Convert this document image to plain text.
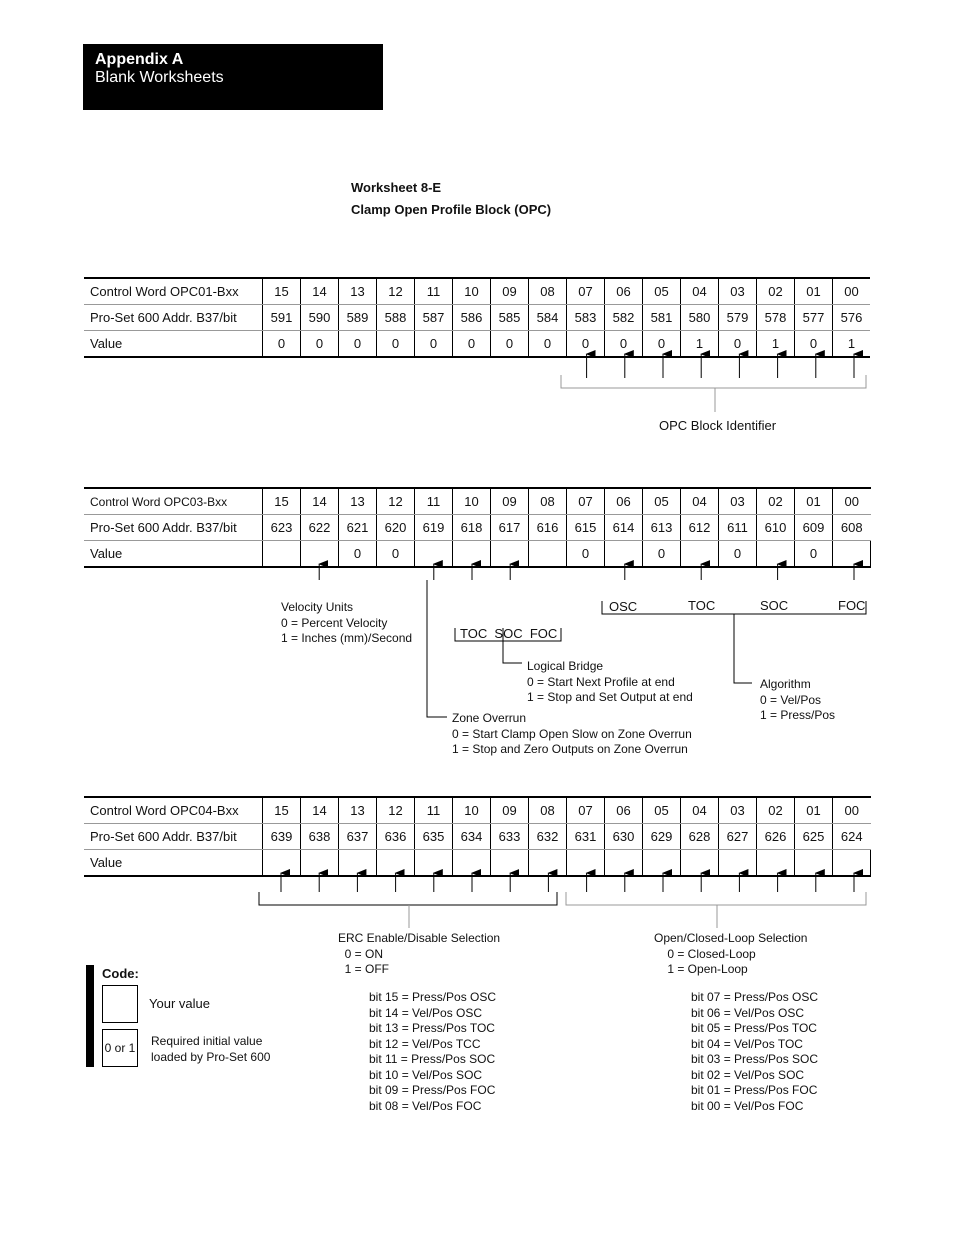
Appendix A
Blank Worksheets
Worksheet 8-E
Clamp Open Profile Block (OPC)
Control Word OPC01-Bxx	15	14	13	12	11	10	09	08	07	06	05	04	03	02	01	00
Pro-Set 600 Addr. B37/bit	591	590	589	588	587	586	585	584	583	582	581	580	579	578	577	576
Value	0	0	0	0	0	0	0	0	0	0	0	1	0	1	0	1
Control Word OPC03-Bxx	15	14	13	12	11	10	09	08	07	06	05	04	03	02	01	00
Pro-Set 600 Addr. B37/bit	623	622	621	620	619	618	617	616	615	614	613	612	611	610	609	608
Value			0	0					0		0		0		0	
Control Word OPC04-Bxx	15	14	13	12	11	10	09	08	07	06	05	04	03	02	01	00
Pro-Set 600 Addr. B37/bit	639	638	637	636	635	634	633	632	631	630	629	628	627	626	625	624
Value																
OPC Block Identifier
Velocity Units
0 = Percent Velocity
1 = Inches (mm)/Second	TOC  SOC  FOC
OSC	TOC	SOC	FOC
Logical Bridge
0 = Start Next Profile at end
1 = Stop and Set Output at end
Algorithm
0 = Vel/Pos
1 = Press/Pos
Zone Overrun
0 = Start Clamp Open Slow on Zone Overrun
1 = Stop and Zero Outputs on Zone Overrun
ERC Enable/Disable Selection
0 = ON
1 = OFF
Open/Closed-Loop Selection
0 = Closed-Loop
1 = Open-Loop
bit 15 = Press/Pos OSC
bit 14 = Vel/Pos OSC
bit 13 = Press/Pos TOC
bit 12 = Vel/Pos TCC
bit 11 = Press/Pos SOC
bit 10 = Vel/Pos SOC
bit 09 = Press/Pos FOC
bit 08 = Vel/Pos FOC
bit 07 = Press/Pos OSC
bit 06 = Vel/Pos OSC
bit 05 = Press/Pos TOC
bit 04 = Vel/Pos TOC
bit 03 = Press/Pos SOC
bit 02 = Vel/Pos SOC
bit 01 = Press/Pos FOC
bit 00 = Vel/Pos FOC
Code:
Your value
0 or 1 Required initial value
loaded by Pro-Set 600
